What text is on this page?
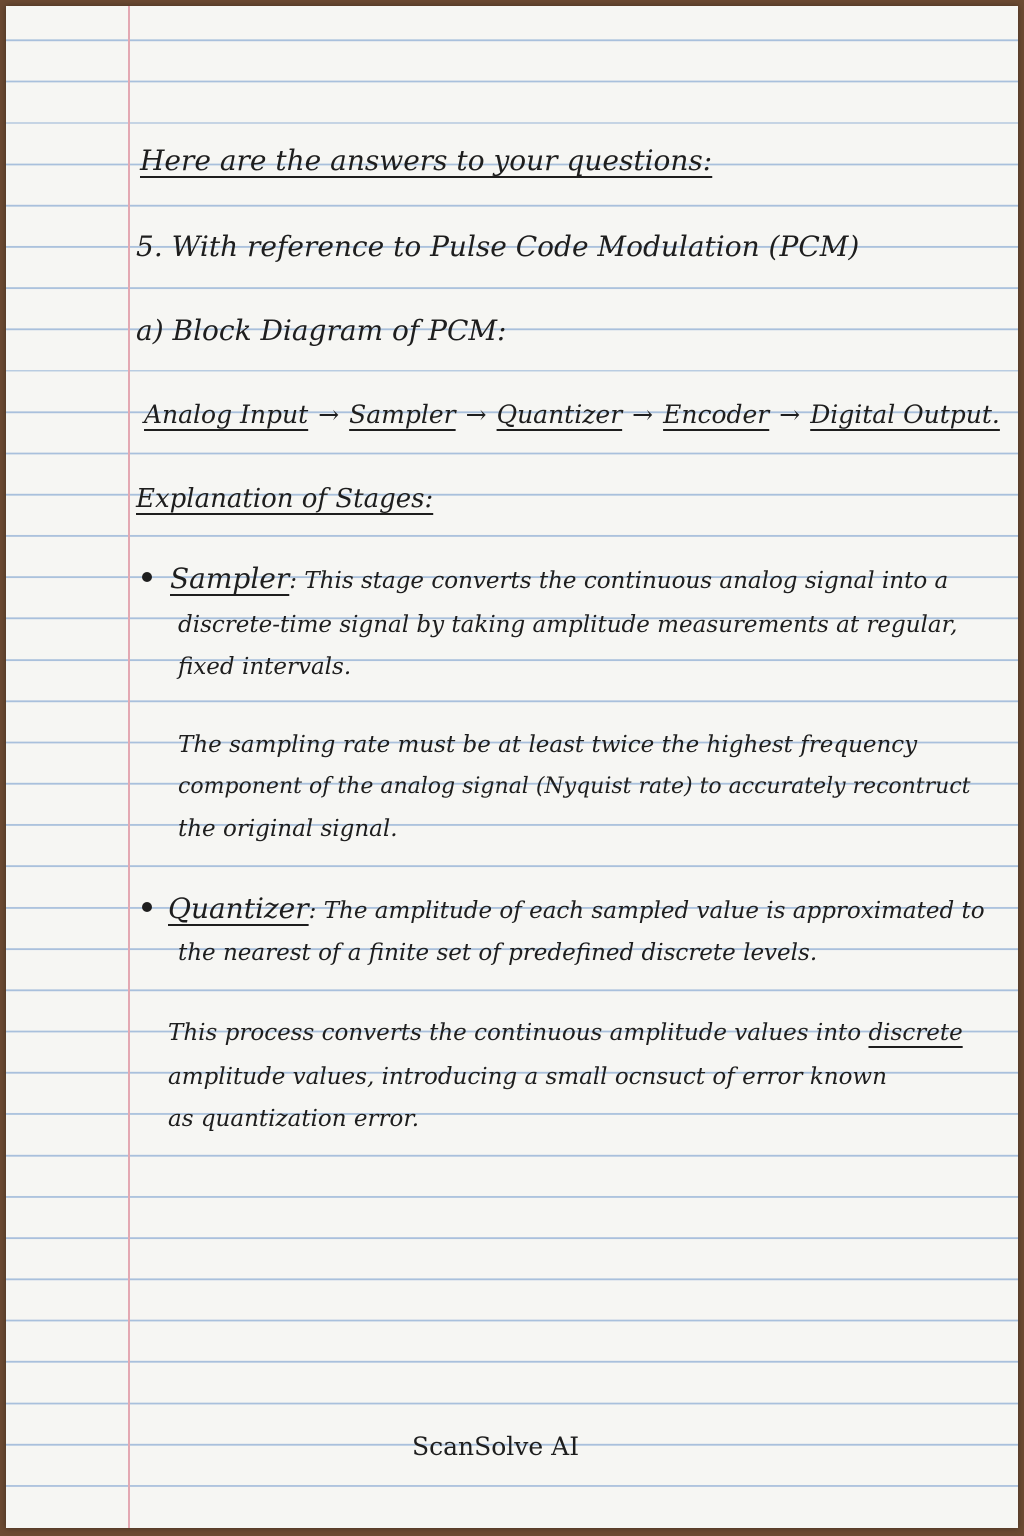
Here are the answers to your questions:
5. With reference to Pulse Code Modulation (PCM)
a) Block Diagram of PCM:
Analog Input → Sampler → Quantizer → Encoder → Digital Output.
Explanation of Stages:
Sampler: This stage converts the continuous analog signal into a
discrete-time signal by taking amplitude measurements at regular,
fixed intervals.
The sampling rate must be at least twice the highest frequency
component of the analog signal (Nyquist rate) to accurately recontruct
the original signal.
Quantizer: The amplitude of each sampled value is approximated to
the nearest of a finite set of predefined discrete levels.
This process converts the continuous amplitude values into discrete
amplitude values, introducing a small ocnsuct of error known
as quantization error.
ScanSolve AI
